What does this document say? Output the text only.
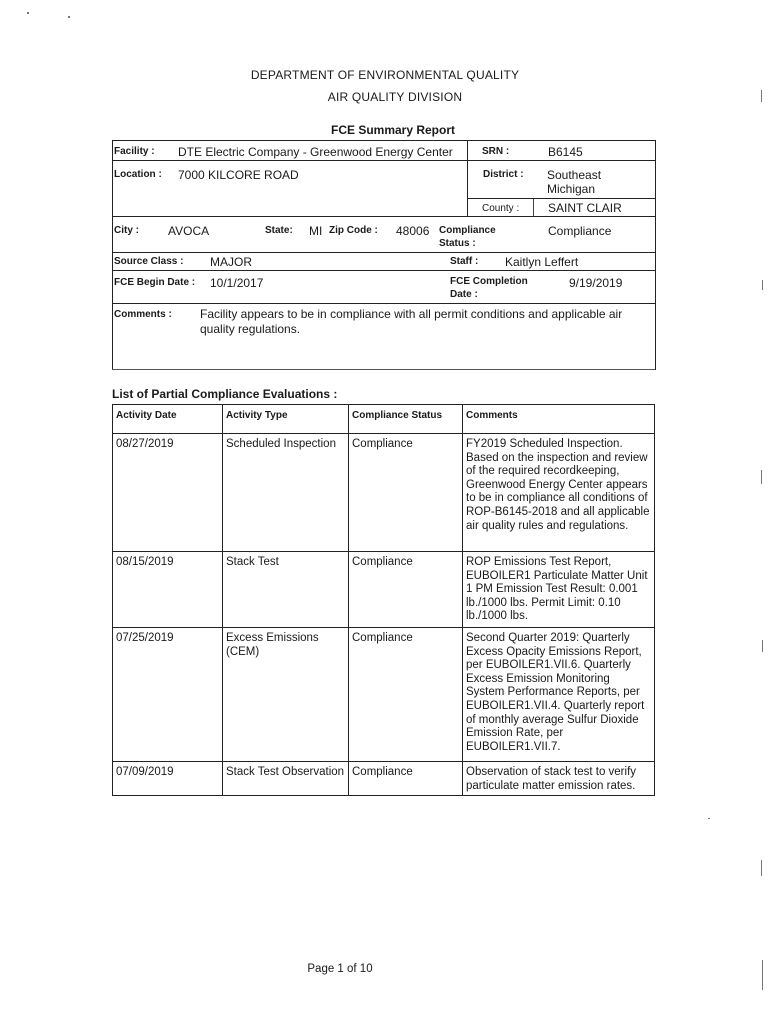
DEPARTMENT OF ENVIRONMENTAL QUALITY
AIR QUALITY DIVISION
FCE Summary Report
Facility : DTE Electric Company - Greenwood Energy Center	SRN :	B6145
Location : 7000 KILCORE ROAD	District : Southeast
Michigan
County : SAINT CLAIR
City : AVOCA	State: MI Zip Code : 48006 Compliance
Status :
Compliance
Source Class : MAJOR	Staff : Kaitlyn Leffert
FCE Begin Date : 10/1/2017	FCE Completion
Date :
9/19/2019
Comments : Facility appears to be in compliance with all permit conditions and applicable air
quality regulations.
List of Partial Compliance Evaluations :
Activity Date	Activity Type	Compliance Status	Comments
08/27/2019	Scheduled Inspection	Compliance	FY2019 Scheduled Inspection. Based on the inspection and review of the required recordkeeping, Greenwood Energy Center appears to be in compliance all conditions of ROP-B6145-2018 and all applicable air quality rules and regulations.
08/15/2019	Stack Test	Compliance	ROP Emissions Test Report, EUBOILER1 Particulate Matter Unit 1 PM Emission Test Result: 0.001 lb./1000 lbs. Permit Limit: 0.10 lb./1000 lbs.
07/25/2019	Excess Emissions (CEM)	Compliance	Second Quarter 2019: Quarterly Excess Opacity Emissions Report, per EUBOILER1.VII.6. Quarterly Excess Emission Monitoring System Performance Reports, per EUBOILER1.VII.4. Quarterly report of monthly average Sulfur Dioxide Emission Rate, per EUBOILER1.VII.7.
07/09/2019	Stack Test Observation	Compliance	Observation of stack test to verify particulate matter emission rates.
Page 1 of 10
